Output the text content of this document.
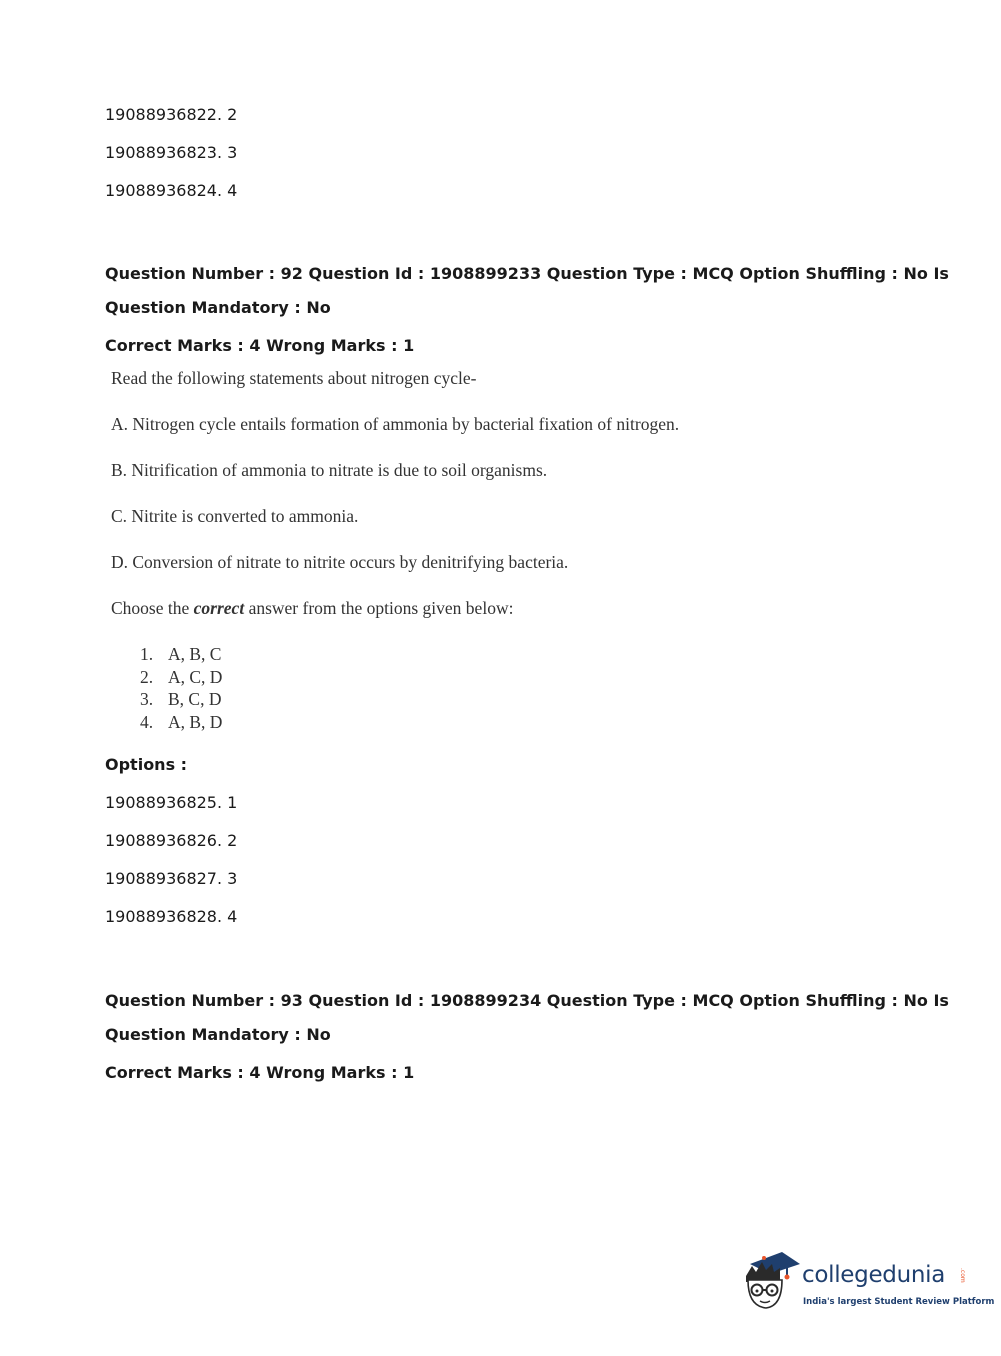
19088936822. 2
19088936823. 3
19088936824. 4
Question Number : 92 Question Id : 1908899233 Question Type : MCQ Option Shuffling : No Is
Question Mandatory : No
Correct Marks : 4 Wrong Marks : 1
Read the following statements about nitrogen cycle-
A. Nitrogen cycle entails formation of ammonia by bacterial fixation of nitrogen.
B. Nitrification of ammonia to nitrate is due to soil organisms.
C. Nitrite is converted to ammonia.
D. Conversion of nitrate to nitrite occurs by denitrifying bacteria.
Choose the correct answer from the options given below:
1. A, B, C
2. A, C, D
3. B, C, D
4. A, B, D
Options :
19088936825. 1
19088936826. 2
19088936827. 3
19088936828. 4
Question Number : 93 Question Id : 1908899234 Question Type : MCQ Option Shuffling : No Is
Question Mandatory : No
Correct Marks : 4 Wrong Marks : 1
collegedunia .com
India's largest Student Review Platform
